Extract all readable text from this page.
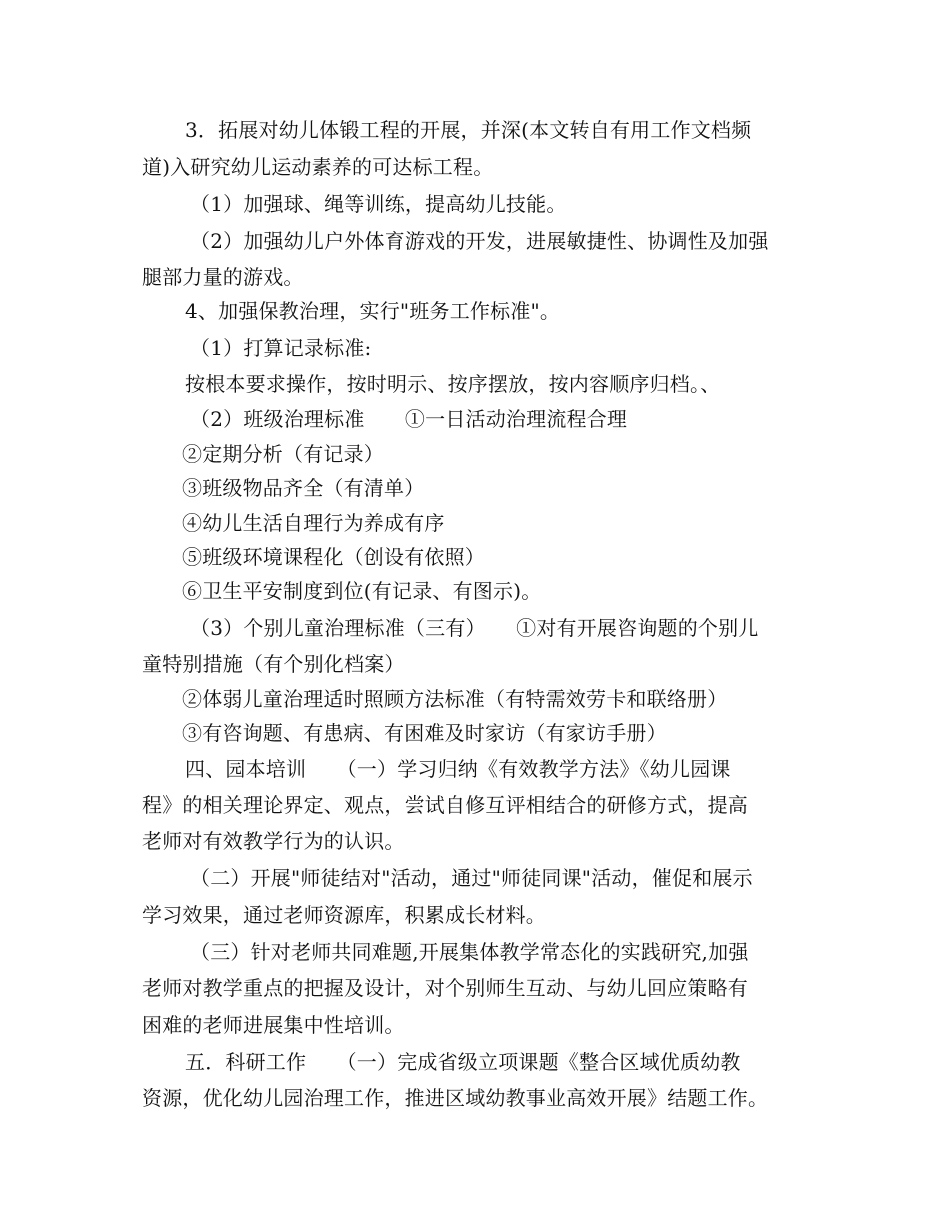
3．拓展对幼儿体锻工程的开展，并深(本文转自有用工作文档频
道)入研究幼儿运动素养的可达标工程。
（1）加强球、绳等训练，提高幼儿技能。
（2）加强幼儿户外体育游戏的开发，进展敏捷性、协调性及加强
腿部力量的游戏。
4、加强保教治理，实行"班务工作标准"。
（1）打算记录标准:
按根本要求操作，按时明示、按序摆放，按内容顺序归档。、
（2）班级治理标准　　①一日活动治理流程合理
②定期分析（有记录）
③班级物品齐全（有清单）
④幼儿生活自理行为养成有序
⑤班级环境课程化（创设有依照）
⑥卫生平安制度到位(有记录、有图示)。
（3）个别儿童治理标准（三有）　　①对有开展咨询题的个别儿
童特别措施（有个别化档案）
②体弱儿童治理适时照顾方法标准（有特需效劳卡和联络册）
③有咨询题、有患病、有困难及时家访（有家访手册）
四、园本培训　　（一）学习归纳《有效教学方法》《幼儿园课
程》的相关理论界定、观点，尝试自修互评相结合的研修方式，提高
老师对有效教学行为的认识。
（二）开展"师徒结对"活动，通过"师徒同课"活动，催促和展示
学习效果，通过老师资源库，积累成长材料。
（三）针对老师共同难题,开展集体教学常态化的实践研究,加强
老师对教学重点的把握及设计，对个别师生互动、与幼儿回应策略有
困难的老师进展集中性培训。
五．科研工作　　（一）完成省级立项课题《整合区域优质幼教
资源，优化幼儿园治理工作，推进区域幼教事业高效开展》结题工作。
